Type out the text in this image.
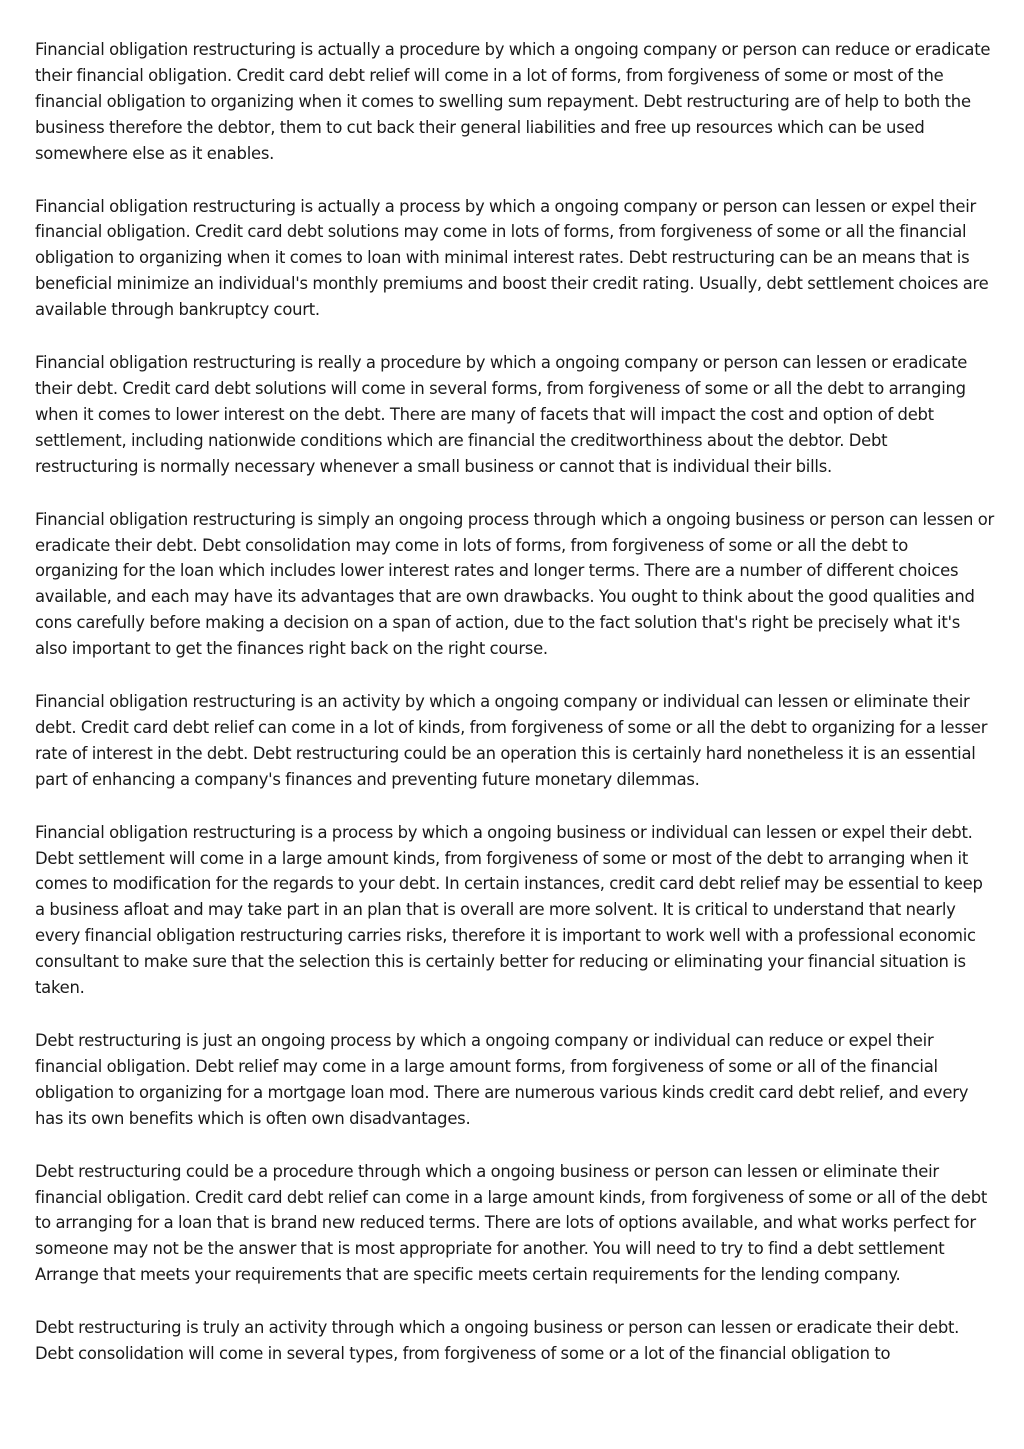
Financial obligation restructuring is actually a procedure by which a ongoing company or person can reduce or eradicate their financial obligation. Credit card debt relief will come in a lot of forms, from forgiveness of some or most of the financial obligation to organizing when it comes to swelling sum repayment. Debt restructuring are of help to both the business therefore the debtor, them to cut back their general liabilities and free up resources which can be used somewhere else as it enables.

Financial obligation restructuring is actually a process by which a ongoing company or person can lessen or expel their financial obligation. Credit card debt solutions may come in lots of forms, from forgiveness of some or all the financial obligation to organizing when it comes to loan with minimal interest rates. Debt restructuring can be an means that is beneficial minimize an individual's monthly premiums and boost their credit rating. Usually, debt settlement choices are available through bankruptcy court.

Financial obligation restructuring is really a procedure by which a ongoing company or person can lessen or eradicate their debt. Credit card debt solutions will come in several forms, from forgiveness of some or all the debt to arranging when it comes to lower interest on the debt. There are many of facets that will impact the cost and option of debt settlement, including nationwide conditions which are financial the creditworthiness about the debtor. Debt restructuring is normally necessary whenever a small business or cannot that is individual their bills.

Financial obligation restructuring is simply an ongoing process through which a ongoing business or person can lessen or eradicate their debt. Debt consolidation may come in lots of forms, from forgiveness of some or all the debt to organizing for the loan which includes lower interest rates and longer terms. There are a number of different choices available, and each may have its advantages that are own drawbacks. You ought to think about the good qualities and cons carefully before making a decision on a span of action, due to the fact solution that's right be precisely what it's also important to get the finances right back on the right course.

Financial obligation restructuring is an activity by which a ongoing company or individual can lessen or eliminate their debt. Credit card debt relief can come in a lot of kinds, from forgiveness of some or all the debt to organizing for a lesser rate of interest in the debt. Debt restructuring could be an operation this is certainly hard nonetheless it is an essential part of enhancing a company's finances and preventing future monetary dilemmas.

Financial obligation restructuring is a process by which a ongoing business or individual can lessen or expel their debt. Debt settlement will come in a large amount kinds, from forgiveness of some or most of the debt to arranging when it comes to modification for the regards to your debt. In certain instances, credit card debt relief may be essential to keep a business afloat and may take part in an plan that is overall are more solvent. It is critical to understand that nearly every financial obligation restructuring carries risks, therefore it is important to work well with a professional economic consultant to make sure that the selection this is certainly better for reducing or eliminating your financial situation is taken.

Debt restructuring is just an ongoing process by which a ongoing company or individual can reduce or expel their financial obligation. Debt relief may come in a large amount forms, from forgiveness of some or all of the financial obligation to organizing for a mortgage loan mod. There are numerous various kinds credit card debt relief, and every has its own benefits which is often own disadvantages.

Debt restructuring could be a procedure through which a ongoing business or person can lessen or eliminate their financial obligation. Credit card debt relief can come in a large amount kinds, from forgiveness of some or all of the debt to arranging for a loan that is brand new reduced terms. There are lots of options available, and what works perfect for someone may not be the answer that is most appropriate for another. You will need to try to find a debt settlement Arrange that meets your requirements that are specific meets certain requirements for the lending company.

Debt restructuring is truly an activity through which a ongoing business or person can lessen or eradicate their debt. Debt consolidation will come in several types, from forgiveness of some or a lot of the financial obligation to
